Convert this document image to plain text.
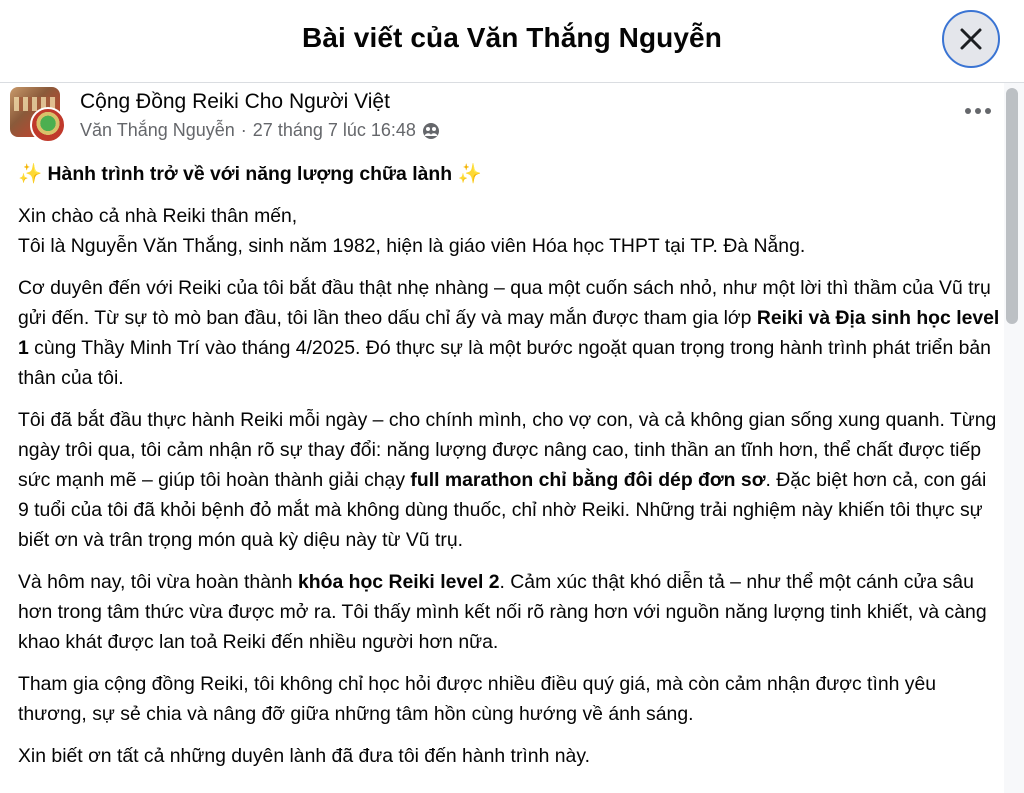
Bài viết của Văn Thắng Nguyễn
Cộng Đồng Reiki Cho Người Việt
Văn Thắng Nguyễn · 27 tháng 7 lúc 16:48

✨ Hành trình trở về với năng lượng chữa lành ✨

Xin chào cả nhà Reiki thân mến,
Tôi là Nguyễn Văn Thắng, sinh năm 1982, hiện là giáo viên Hóa học THPT tại TP. Đà Nẵng.

Cơ duyên đến với Reiki của tôi bắt đầu thật nhẹ nhàng – qua một cuốn sách nhỏ, như một lời thì thầm của Vũ trụ gửi đến. Từ sự tò mò ban đầu, tôi lần theo dấu chỉ ấy và may mắn được tham gia lớp Reiki và Địa sinh học level 1 cùng Thầy Minh Trí vào tháng 4/2025. Đó thực sự là một bước ngoặt quan trọng trong hành trình phát triển bản thân của tôi.

Tôi đã bắt đầu thực hành Reiki mỗi ngày – cho chính mình, cho vợ con, và cả không gian sống xung quanh. Từng ngày trôi qua, tôi cảm nhận rõ sự thay đổi: năng lượng được nâng cao, tinh thần an tĩnh hơn, thể chất được tiếp sức mạnh mẽ – giúp tôi hoàn thành giải chạy full marathon chỉ bằng đôi dép đơn sơ. Đặc biệt hơn cả, con gái 9 tuổi của tôi đã khỏi bệnh đỏ mắt mà không dùng thuốc, chỉ nhờ Reiki. Những trải nghiệm này khiến tôi thực sự biết ơn và trân trọng món quà kỳ diệu này từ Vũ trụ.

Và hôm nay, tôi vừa hoàn thành khóa học Reiki level 2. Cảm xúc thật khó diễn tả – như thể một cánh cửa sâu hơn trong tâm thức vừa được mở ra. Tôi thấy mình kết nối rõ ràng hơn với nguồn năng lượng tinh khiết, và càng khao khát được lan toả Reiki đến nhiều người hơn nữa.

Tham gia cộng đồng Reiki, tôi không chỉ học hỏi được nhiều điều quý giá, mà còn cảm nhận được tình yêu thương, sự sẻ chia và nâng đỡ giữa những tâm hồn cùng hướng về ánh sáng.

Xin biết ơn tất cả những duyên lành đã đưa tôi đến hành trình này.
